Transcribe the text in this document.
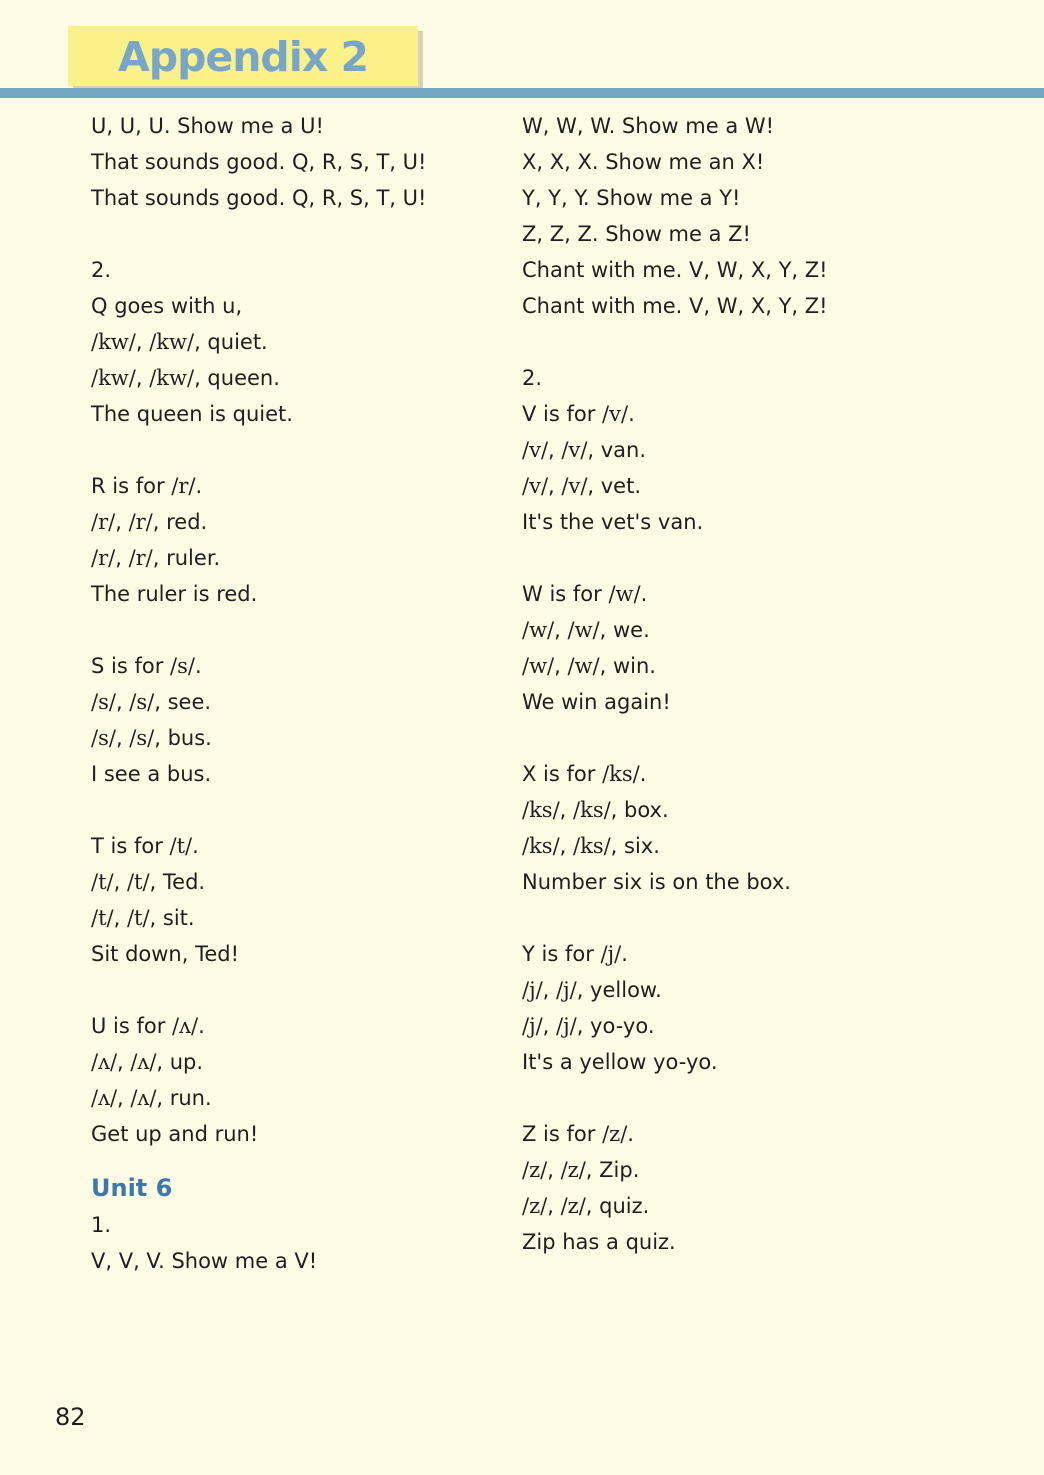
Appendix 2
U, U, U. Show me a U!
That sounds good. Q, R, S, T, U!
That sounds good. Q, R, S, T, U!
2.
Q goes with u,
/kw/, /kw/, quiet.
/kw/, /kw/, queen.
The queen is quiet.
R is for /r/.
/r/, /r/, red.
/r/, /r/, ruler.
The ruler is red.
S is for /s/.
/s/, /s/, see.
/s/, /s/, bus.
I see a bus.
T is for /t/.
/t/, /t/, Ted.
/t/, /t/, sit.
Sit down, Ted!
U is for /ʌ/.
/ʌ/, /ʌ/, up.
/ʌ/, /ʌ/, run.
Get up and run!
Unit 6
1.
V, V, V. Show me a V!
W, W, W. Show me a W!
X, X, X. Show me an X!
Y, Y, Y. Show me a Y!
Z, Z, Z. Show me a Z!
Chant with me. V, W, X, Y, Z!
Chant with me. V, W, X, Y, Z!
2.
V is for /v/.
/v/, /v/, van.
/v/, /v/, vet.
It's the vet's van.
W is for /w/.
/w/, /w/, we.
/w/, /w/, win.
We win again!
X is for /ks/.
/ks/, /ks/, box.
/ks/, /ks/, six.
Number six is on the box.
Y is for /j/.
/j/, /j/, yellow.
/j/, /j/, yo-yo.
It's a yellow yo-yo.
Z is for /z/.
/z/, /z/, Zip.
/z/, /z/, quiz.
Zip has a quiz.
82
